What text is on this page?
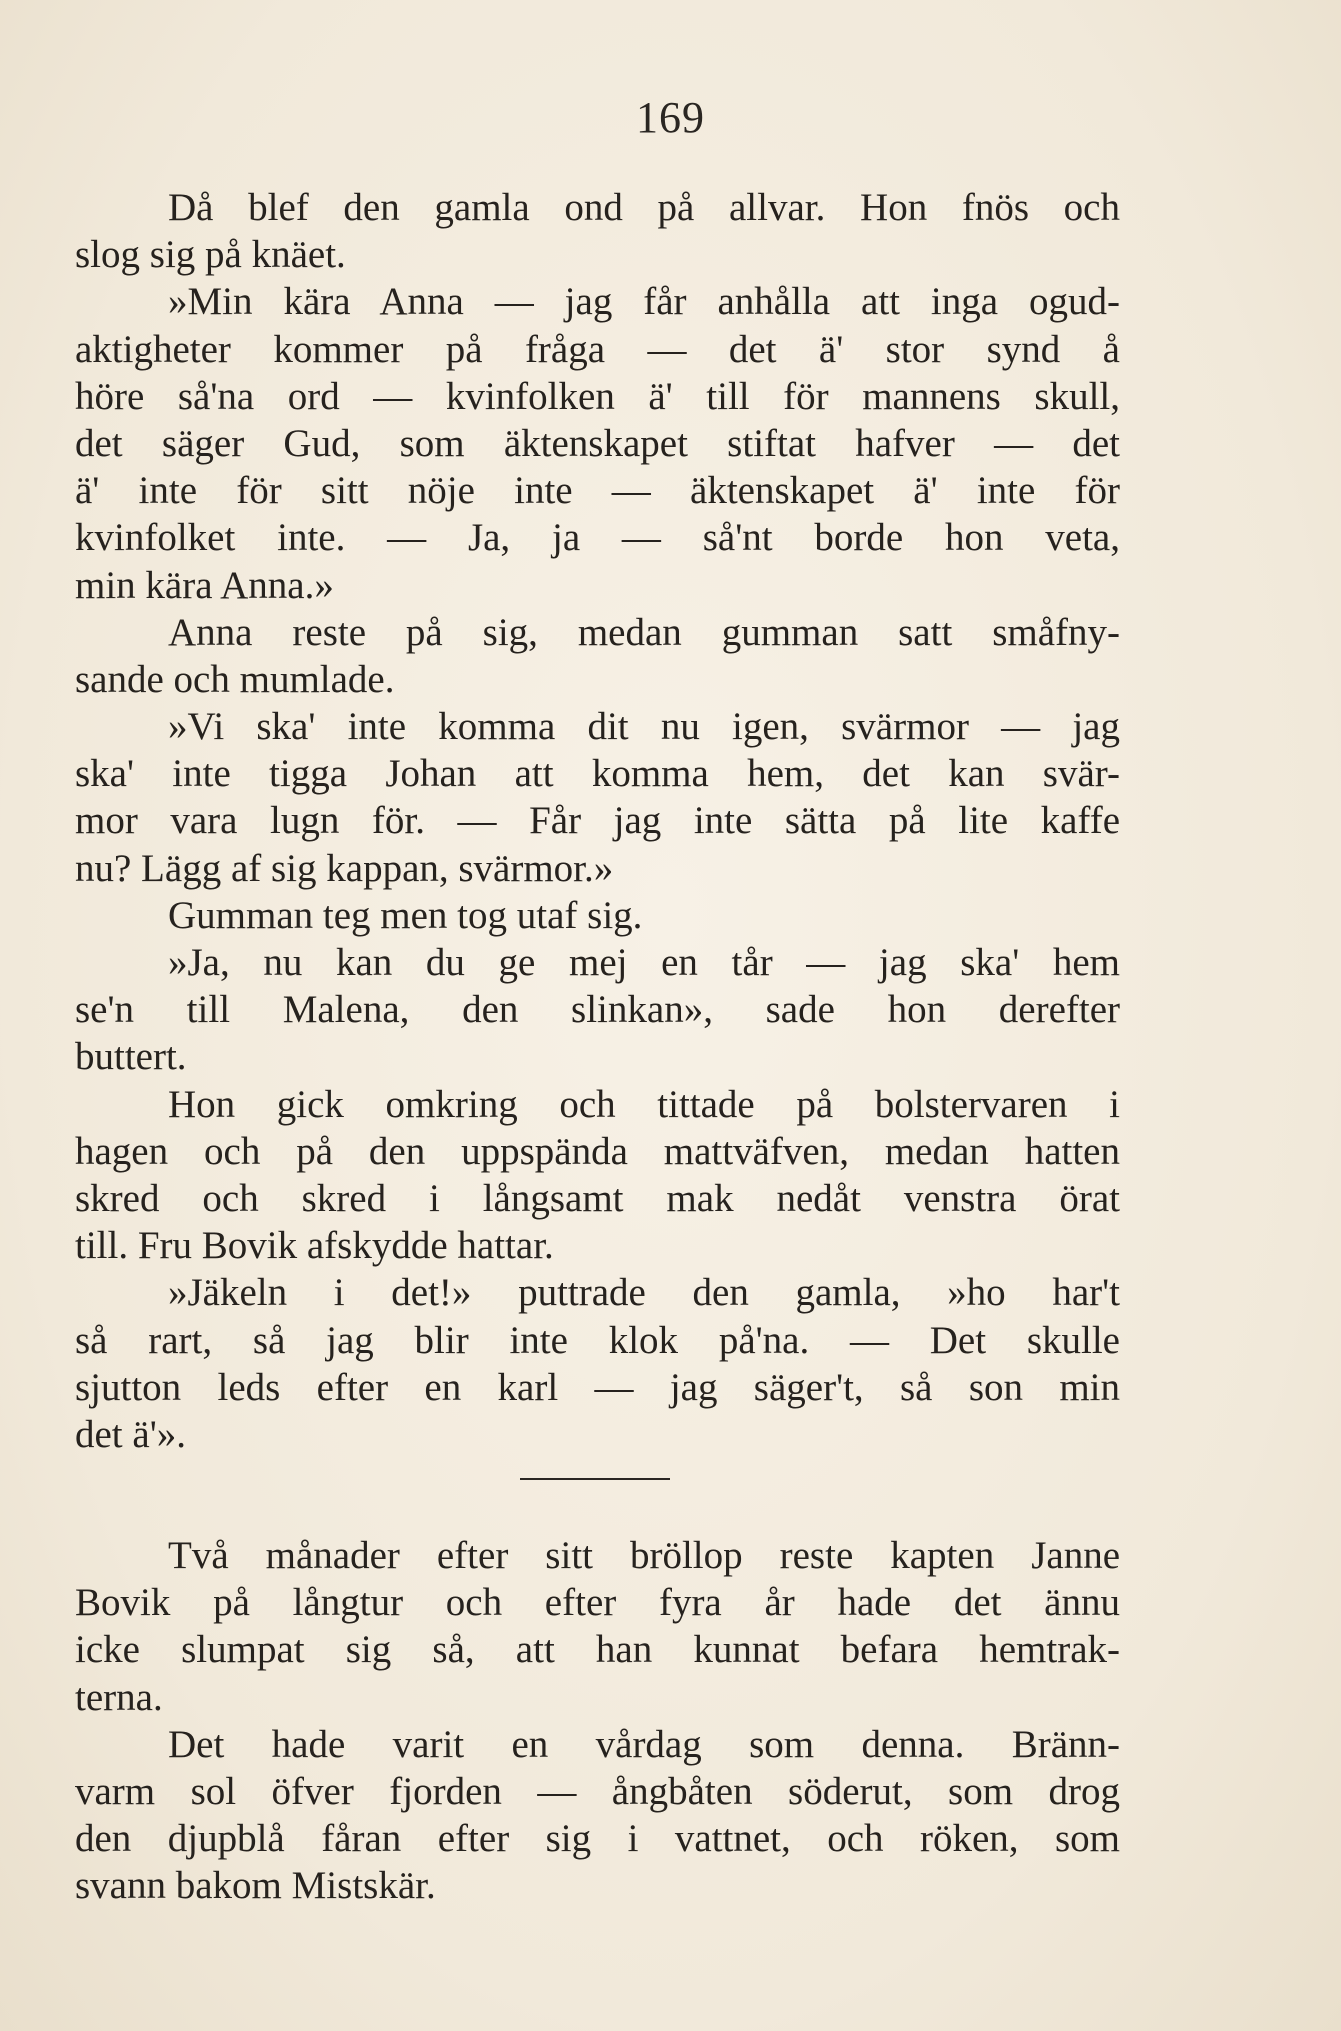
169
Då blef den gamla ond på allvar. Hon fnös och
slog sig på knäet.
»Min kära Anna — jag får anhålla att inga ogud-
aktigheter kommer på fråga — det ä' stor synd å
höre så'na ord — kvinfolken ä' till för mannens skull,
det säger Gud, som äktenskapet stiftat hafver — det
ä' inte för sitt nöje inte — äktenskapet ä' inte för
kvinfolket inte. — Ja, ja — så'nt borde hon veta,
min kära Anna.»
Anna reste på sig, medan gumman satt småfny-
sande och mumlade.
»Vi ska' inte komma dit nu igen, svärmor — jag
ska' inte tigga Johan att komma hem, det kan svär-
mor vara lugn för. — Får jag inte sätta på lite kaffe
nu? Lägg af sig kappan, svärmor.»
Gumman teg men tog utaf sig.
»Ja, nu kan du ge mej en tår — jag ska' hem
se'n till Malena, den slinkan», sade hon derefter
buttert.
Hon gick omkring och tittade på bolstervaren i
hagen och på den uppspända mattväfven, medan hatten
skred och skred i långsamt mak nedåt venstra örat
till. Fru Bovik afskydde hattar.
»Jäkeln i det!» puttrade den gamla, »ho har't
så rart, så jag blir inte klok på'na. — Det skulle
sjutton leds efter en karl — jag säger't, så son min
det ä'».
Två månader efter sitt bröllop reste kapten Janne
Bovik på långtur och efter fyra år hade det ännu
icke slumpat sig så, att han kunnat befara hemtrak-
terna.
Det hade varit en vårdag som denna. Bränn-
varm sol öfver fjorden — ångbåten söderut, som drog
den djupblå fåran efter sig i vattnet, och röken, som
svann bakom Mistskär.
